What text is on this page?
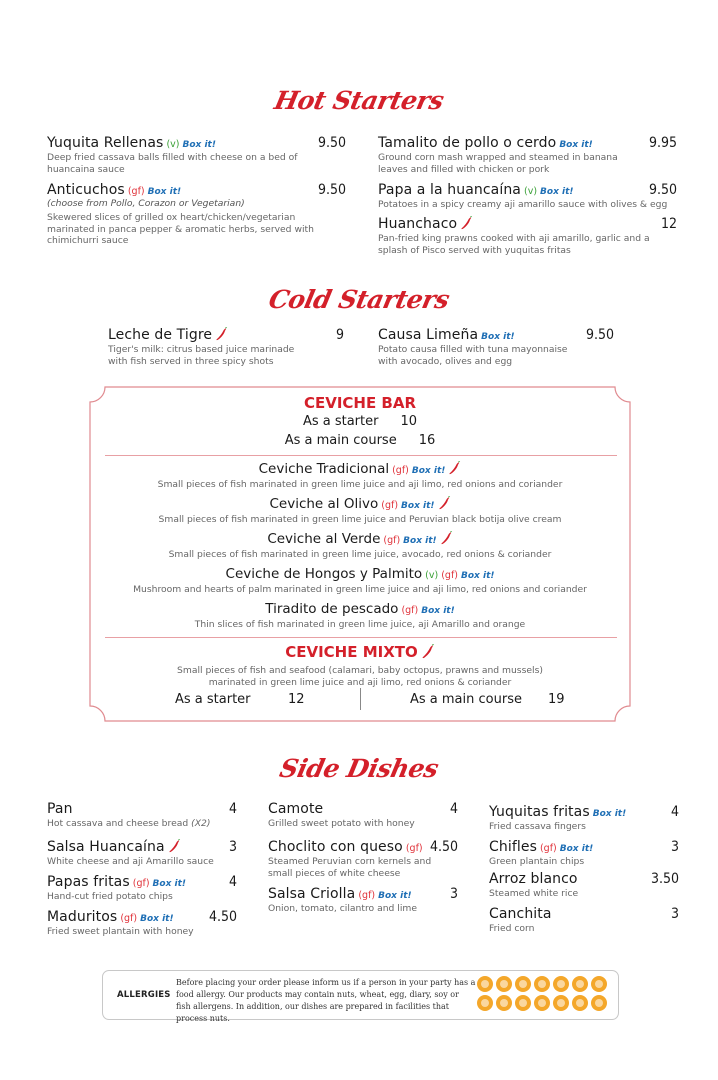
Hot Starters
Yuquita Rellenas (v) Box it!	9.50
Deep fried cassava balls filled with cheese on a bed of huancaina sauce
Anticuchos (gf) Box it!	9.50
(choose from Pollo, Corazon or Vegetarian)
Skewered slices of grilled ox heart/chicken/vegetarian marinated in panca pepper & aromatic herbs, served with chimichurri sauce
Tamalito de pollo o cerdo Box it!	9.95
Ground corn mash wrapped and steamed in banana leaves and filled with chicken or pork
Papa a la huancaína (v) Box it!	9.50
Potatoes in a spicy creamy aji amarillo sauce with olives & egg
Huanchaco	12
Pan-fried king prawns cooked with aji amarillo, garlic and a splash of Pisco served with yuquitas fritas
Cold Starters
Leche de Tigre	9
Tiger's milk: citrus based juice marinade with fish served in three spicy shots
Causa Limeña Box it!	9.50
Potato causa filled with tuna mayonnaise with avocado, olives and egg
CEVICHE BAR
As a starter 10
As a main course 16
Ceviche Tradicional (gf) Box it!
Small pieces of fish marinated in green lime juice and aji limo, red onions and coriander
Ceviche al Olivo (gf) Box it!
Small pieces of fish marinated in green lime juice and Peruvian black botija olive cream
Ceviche al Verde (gf) Box it!
Small pieces of fish marinated in green lime juice, avocado, red onions & coriander
Ceviche de Hongos y Palmito (v) (gf) Box it!
Mushroom and hearts of palm marinated in green lime juice and aji limo, red onions and coriander
Tiradito de pescado (gf) Box it!
Thin slices of fish marinated in green lime juice, aji Amarillo and orange
CEVICHE MIXTO
Small pieces of fish and seafood (calamari, baby octopus, prawns and mussels)
marinated in green lime juice and aji limo, red onions & coriander
As a starter	12	As a main course 19
Side Dishes
Pan	4
Hot cassava and cheese bread (X2)
Salsa Huancaína	3
White cheese and aji Amarillo sauce
Papas fritas (gf) Box it!	4
Hand-cut fried potato chips
Maduritos (gf) Box it!	4.50
Fried sweet plantain with honey
Camote	4
Grilled sweet potato with honey
Choclito con queso (gf) 4.50
Steamed Peruvian corn kernels and small pieces of white cheese
Salsa Criolla (gf) Box it!	3
Onion, tomato, cilantro and lime
Yuquitas fritas Box it!	4
Fried cassava fingers
Chifles (gf) Box it!	3
Green plantain chips
Arroz blanco	3.50
Steamed white rice
Canchita	3
Fried corn
ALLERGIES
Before placing your order please inform us if a person in your party has a food allergy. Our products may contain nuts, wheat, egg, diary, soy or fish allergens. In addition, our dishes are prepared in facilities that process nuts.
